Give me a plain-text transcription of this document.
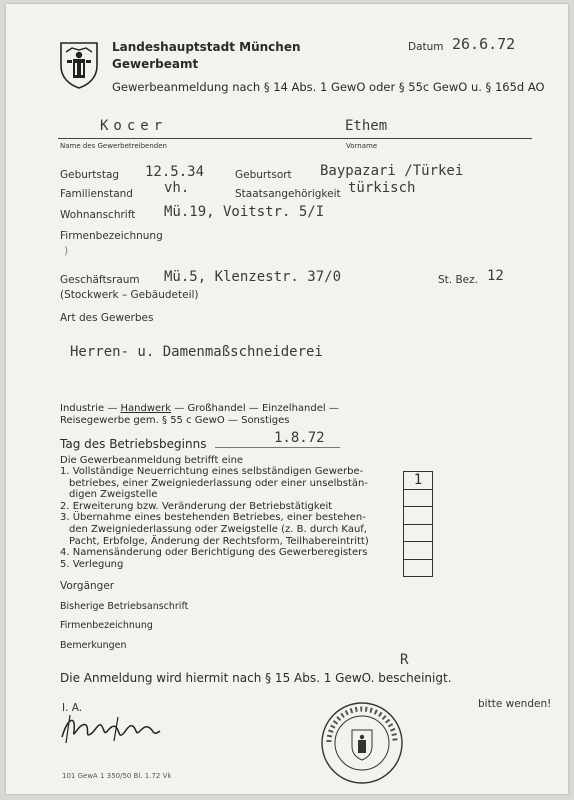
Landeshauptstadt München
Gewerbeamt
Datum 26.6.72
Gewerbeanmeldung nach § 14 Abs. 1 GewO oder § 55c GewO u. § 165d AO
Kocer	Ethem
Name des Gewerbetreibenden	Vorname
Geburtstag 12.5.34	Geburtsort Baypazari /Türkei
Familienstand vh.	Staatsangehörigkeit türkisch
Wohnanschrift Mü.19, Voitstr. 5/I
Firmenbezeichnung
)
Geschäftsraum Mü.5, Klenzestr. 37/0	St. Bez. 12
(Stockwerk – Gebäudeteil)
Art des Gewerbes
Herren- u. Damenmaßschneiderei
Industrie — Handwerk — Großhandel — Einzelhandel —
Reisegewerbe gem. § 55 c GewO — Sonstiges
Tag des Betriebsbeginns	1.8.72
Die Gewerbeanmeldung betrifft eine
1. Vollständige Neuerrichtung eines selbständigen Gewerbe-
betriebes, einer Zweigniederlassung oder einer unselbstän-
digen Zweigstelle
2. Erweiterung bzw. Veränderung der Betriebstätigkeit
3. Übernahme eines bestehenden Betriebes, einer bestehen-
den Zweigniederlassung oder Zweigstelle (z. B. durch Kauf,
Pacht, Erbfolge, Änderung der Rechtsform, Teilhabereintritt)
4. Namensänderung oder Berichtigung des Gewerberegisters
5. Verlegung
1
Vorgänger
Bisherige Betriebsanschrift
Firmenbezeichnung
Bemerkungen
R
Die Anmeldung wird hiermit nach § 15 Abs. 1 GewO. bescheinigt.
I. A.	bitte wenden!
101 GewA 1 350/50 Bl. 1.72 Vk
